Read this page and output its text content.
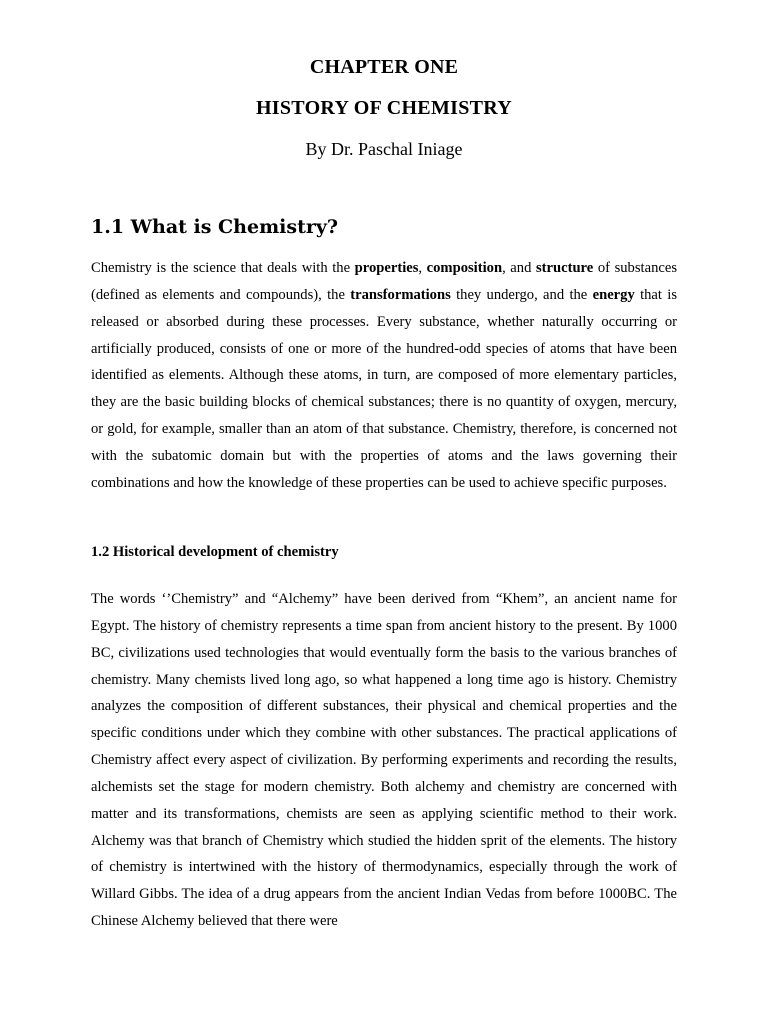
CHAPTER ONE
HISTORY OF CHEMISTRY
By Dr. Paschal Iniage
1.1 What is Chemistry?
Chemistry is the science that deals with the properties, composition, and structure of substances (defined as elements and compounds), the transformations they undergo, and the energy that is released or absorbed during these processes. Every substance, whether naturally occurring or artificially produced, consists of one or more of the hundred-odd species of atoms that have been identified as elements. Although these atoms, in turn, are composed of more elementary particles, they are the basic building blocks of chemical substances; there is no quantity of oxygen, mercury, or gold, for example, smaller than an atom of that substance. Chemistry, therefore, is concerned not with the subatomic domain but with the properties of atoms and the laws governing their combinations and how the knowledge of these properties can be used to achieve specific purposes.
1.2 Historical development of chemistry
The words ‘’Chemistry” and “Alchemy” have been derived from “Khem”, an ancient name for Egypt. The history of chemistry represents a time span from ancient history to the present. By 1000 BC, civilizations used technologies that would eventually form the basis to the various branches of chemistry. Many chemists lived long ago, so what happened a long time ago is history. Chemistry analyzes the composition of different substances, their physical and chemical properties and the specific conditions under which they combine with other substances. The practical applications of Chemistry affect every aspect of civilization. By performing experiments and recording the results, alchemists set the stage for modern chemistry. Both alchemy and chemistry are concerned with matter and its transformations, chemists are seen as applying scientific method to their work. Alchemy was that branch of Chemistry which studied the hidden sprit of the elements. The history of chemistry is intertwined with the history of thermodynamics, especially through the work of Willard Gibbs. The idea of a drug appears from the ancient Indian Vedas from before 1000BC. The Chinese Alchemy believed that there were
